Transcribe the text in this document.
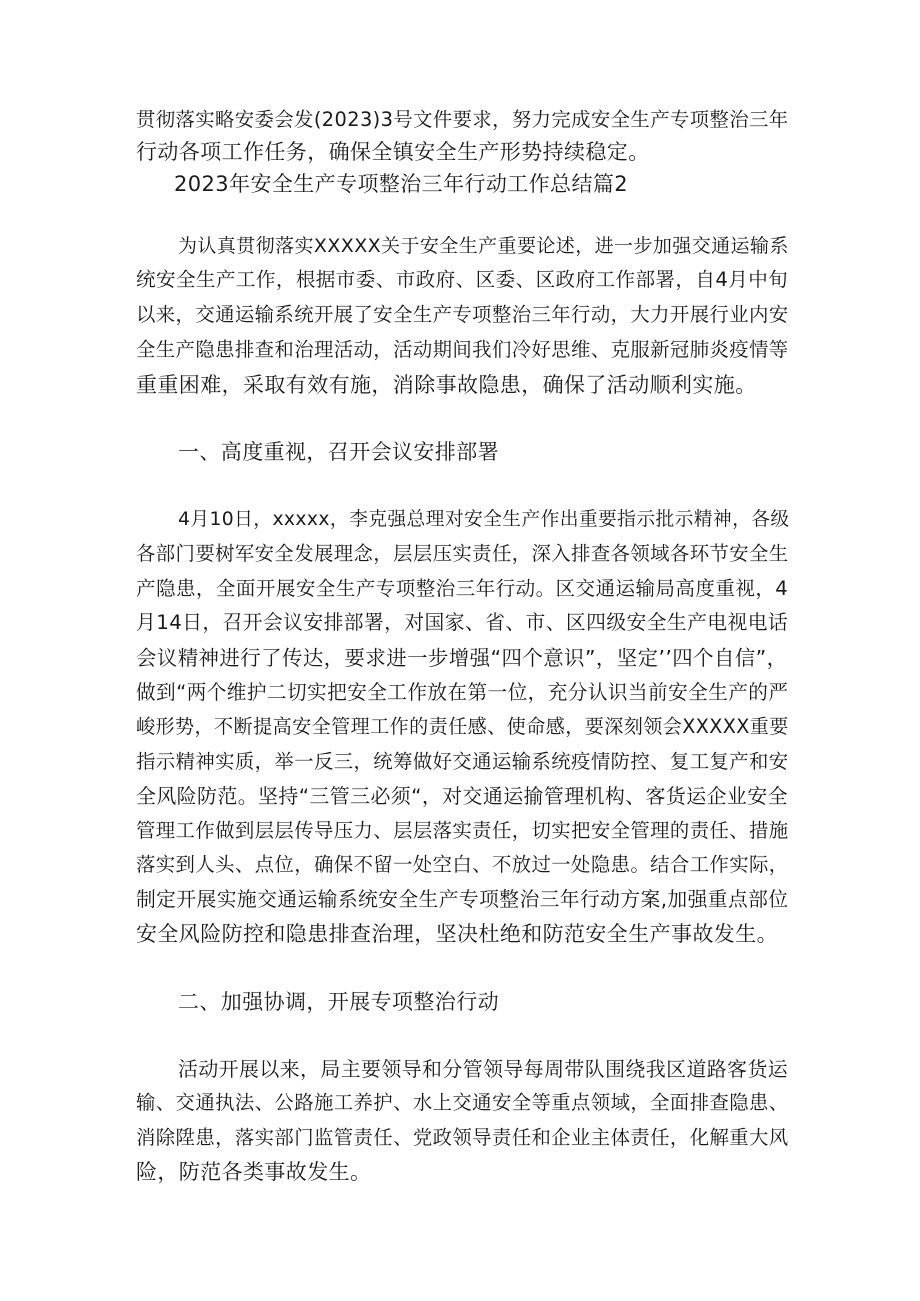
贯彻落实略安委会发(2023)3号文件要求，努力完成安全生产专项整治三年
行动各项工作任务，确保全镇安全生产形势持续稳定。
2023年安全生产专项整治三年行动工作总结篇2
为认真贯彻落实XXXXX关于安全生产重要论述，进一步加强交通运输系
统安全生产工作，根据市委、市政府、区委、区政府工作部署，自4月中旬
以来，交通运输系统开展了安全生产专项整治三年行动，大力开展行业内安
全生产隐患排查和治理活动，活动期间我们冷好思维、克服新冠肺炎疫情等
重重困难，采取有效有施，消除事故隐患，确保了活动顺利实施。
一、高度重视，召开会议安排部署
4月10日，xxxxx，李克强总理对安全生产作出重要指示批示精神，各级
各部门要树军安全发展理念，层层压实责任，深入排查各领域各环节安全生
产隐患，全面开展安全生产专项整治三年行动。区交通运输局高度重视，4
月14日，召开会议安排部署，对国家、省、市、区四级安全生产电视电话
会议精神进行了传达，要求进一步增强“四个意识”，坚定’’四个自信”，
做到“两个维护二切实把安全工作放在第一位，充分认识当前安全生产的严
峻形势，不断提高安全管理工作的责任感、使命感，要深刻领会XXXXX重要
指示精神实质，举一反三，统筹做好交通运输系统疫情防控、复工复产和安
全风险防范。坚持“三管三必须“，对交通运揄管理机构、客货运企业安全
管理工作做到层层传导压力、层层落实责任，切实把安全管理的责任、措施
落实到人头、点位，确保不留一处空白、不放过一处隐患。结合工作实际，
制定开展实施交通运输系统安全生产专项整治三年行动方案,加强重点部位
安全风险防控和隐患排查治理，坚决杜绝和防范安全生产事故发生。
二、加强协调，开展专项整治行动
活动开展以来，局主要领导和分管领导每周带队围绕我区道路客货运
输、交通执法、公路施工养护、水上交通安全等重点领域，全面排查隐患、
消除陞患，落实部门监管责任、党政领导责任和企业主体责任，化解重大风
险，防范各类事故发生。
